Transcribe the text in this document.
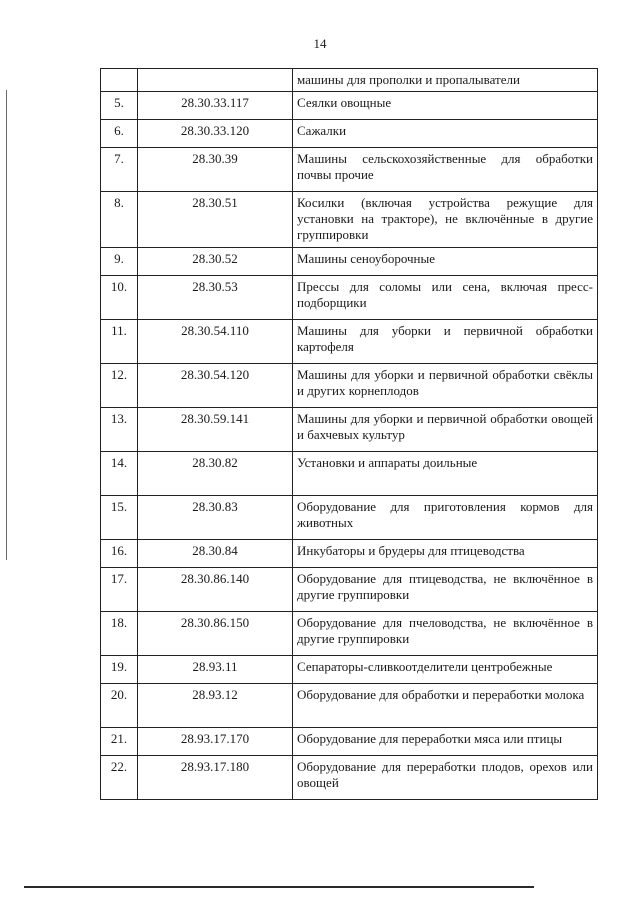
14
		машины для прополки и пропалыватели
5.	28.30.33.117	Сеялки овощные
6.	28.30.33.120	Сажалки
7.	28.30.39	Машины сельскохозяйственные для обработки почвы прочие
8.	28.30.51	Косилки (включая устройства режущие для установки на тракторе), не включённые в другие группировки
9.	28.30.52	Машины сеноуборочные
10.	28.30.53	Прессы для соломы или сена, включая пресс-подборщики
11.	28.30.54.110	Машины для уборки и первичной обработки картофеля
12.	28.30.54.120	Машины для уборки и первичной обработки свёклы и других корнеплодов
13.	28.30.59.141	Машины для уборки и первичной обработки овощей и бахчевых культур
14.	28.30.82	Установки и аппараты доильные
15.	28.30.83	Оборудование для приготовления кормов для животных
16.	28.30.84	Инкубаторы и брудеры для птицеводства
17.	28.30.86.140	Оборудование для птицеводства, не включённое в другие группировки
18.	28.30.86.150	Оборудование для пчеловодства, не включённое в другие группировки
19.	28.93.11	Сепараторы-сливкоотделители центробежные
20.	28.93.12	Оборудование для обработки и переработки молока
21.	28.93.17.170	Оборудование для переработки мяса или птицы
22.	28.93.17.180	Оборудование для переработки плодов, орехов или овощей
